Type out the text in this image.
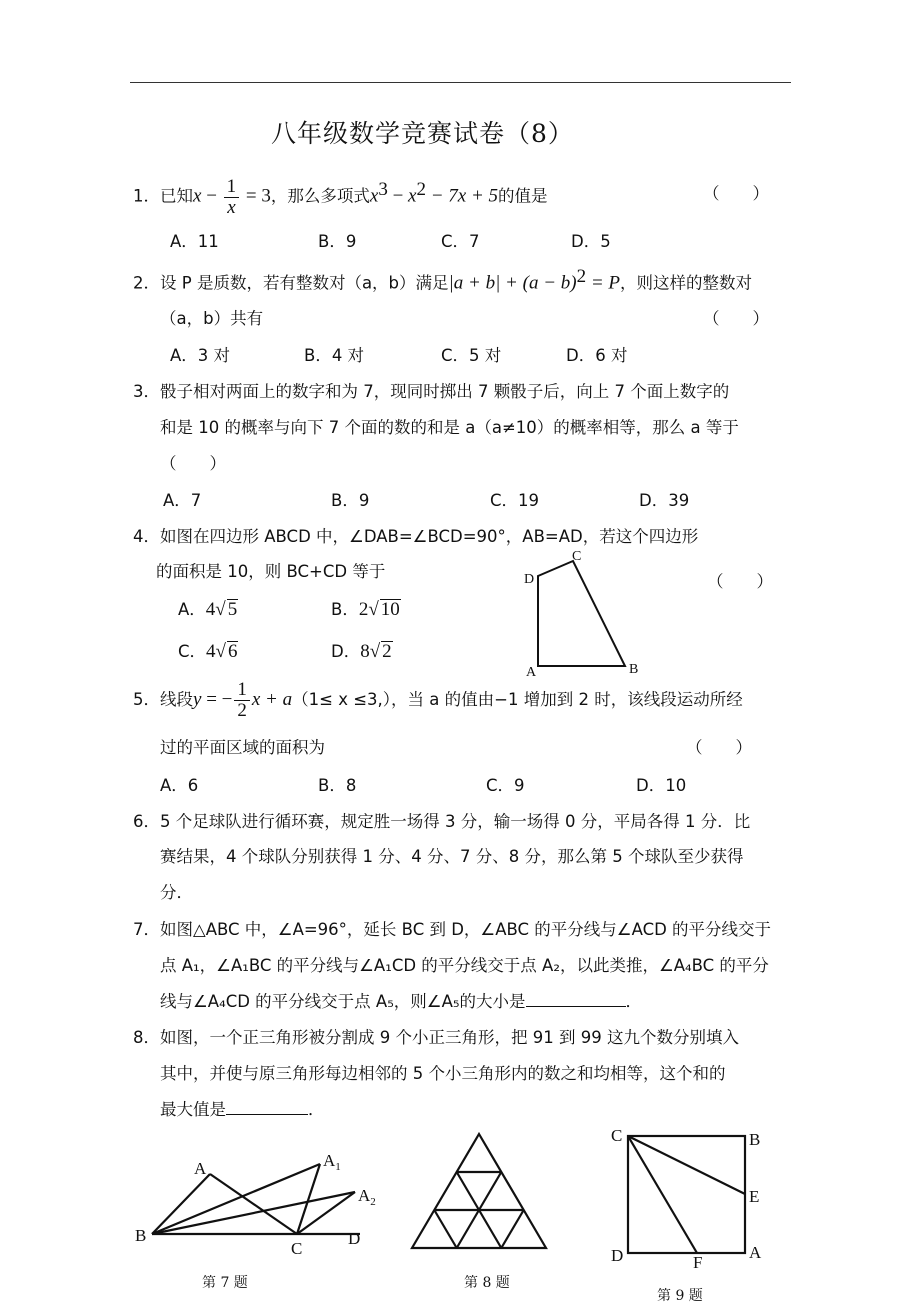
八年级数学竞赛试卷（8）
1．已知$x - \frac{1}{x} = 3$，那么多项式$x^3 - x^2 - 7x + 5$的值是	（　　）
A．11	B．9	C．7	D．5
2．设 P 是质数，若有整数对（a，b）满足$|a + b| + (a - b)^2 = P$，则这样的整数对
（a，b）共有	（　　）
A．3 对	B．4 对	C．5 对	D．6 对
3．骰子相对两面上的数字和为 7，现同时掷出 7 颗骰子后，向上 7 个面上数字的
和是 10 的概率与向下 7 个面的数的和是 a（a≠10）的概率相等，那么 a 等于
（　　）
A．7	B．9	C．19	D．39
4．如图在四边形 ABCD 中，∠DAB=∠BCD=90°，AB=AD，若这个四边形
的面积是 10，则 BC+CD 等于
（　　）
A．4√ 5	B．2√ 10
C．4√ 6	D．8√ 2
D
C
A	B
5．线段y = − $\frac{1}{2}$ x + a（1≤ x ≤3,），当 a 的值由−1 增加到 2 时，该线段运动所经
过的平面区域的面积为	（　　）
A．6	B．8	C．9	D．10
6．5 个足球队进行循环赛，规定胜一场得 3 分，输一场得 0 分，平局各得 1 分．比
赛结果，4 个球队分别获得 1 分、4 分、7 分、8 分，那么第 5 个球队至少获得
分．
7．如图△ABC 中，∠A=96°，延长 BC 到 D，∠ABC 的平分线与∠ACD 的平分线交于
点 A₁，∠A₁BC 的平分线与∠A₁CD 的平分线交于点 A₂，以此类推，∠A₄BC 的平分
线与∠A₄CD 的平分线交于点 A₅，则∠A₅的大小是	．
8．如图，一个正三角形被分割成 9 个小正三角形，把 91 到 99 这九个数分别填入
其中，并使与原三角形每边相邻的 5 个小三角形内的数之和均相等，这个和的
最大值是	．
A	$A_1$
$A_2$
B
C
D
第 7 题	第 8 题
C	B
E
D	F
A
第 9 题
